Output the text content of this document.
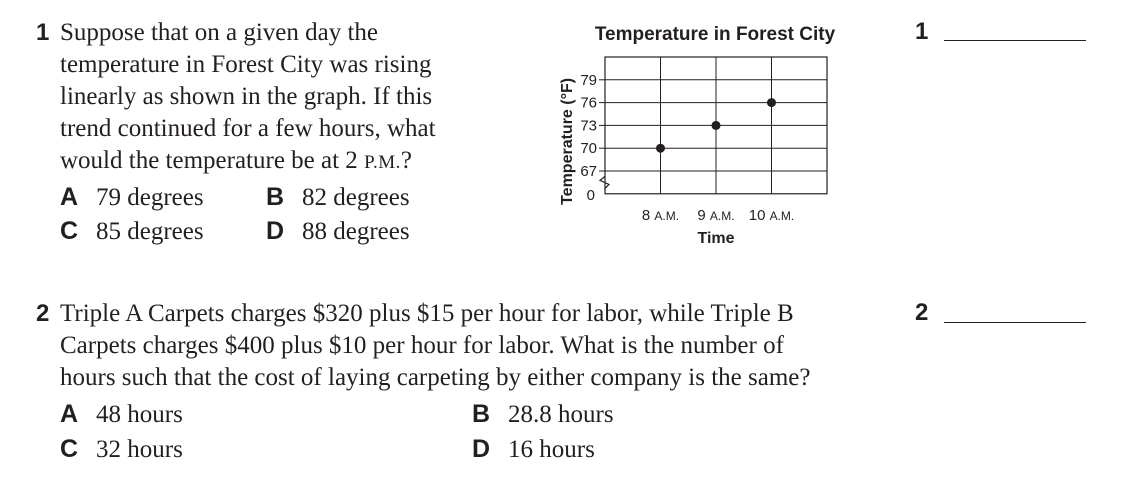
1 Suppose that on a given day the
temperature in Forest City was rising
linearly as shown in the graph. If this
trend continued for a few hours, what
would the temperature be at 2 P.M.?
A 79 degrees B 82 degrees
C 85 degrees D 88 degrees
Temperature in Forest City
79
76
73
70
67
0
8 A.M. 9 A.M. 10 A.M.
Time
Temperature (°F)
1
2 Triple A Carpets charges $320 plus $15 per hour for labor, while Triple B
Carpets charges $400 plus $10 per hour for labor. What is the number of
hours such that the cost of laying carpeting by either company is the same?
A 48 hours	B 28.8 hours
C 32 hours	D 16 hours
2
